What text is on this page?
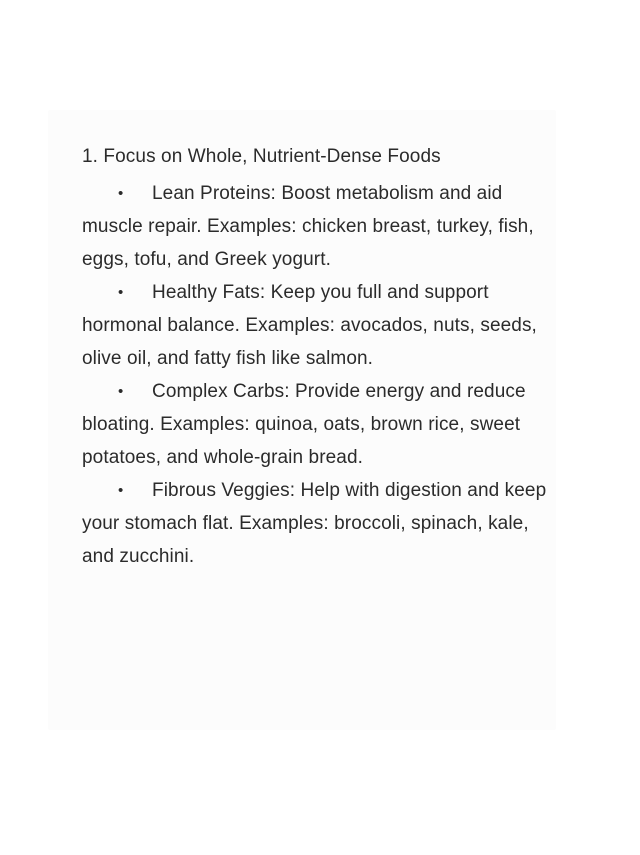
1. Focus on Whole, Nutrient-Dense Foods

• Lean Proteins: Boost metabolism and aid muscle repair. Examples: chicken breast, turkey, fish, eggs, tofu, and Greek yogurt.

• Healthy Fats: Keep you full and support hormonal balance. Examples: avocados, nuts, seeds, olive oil, and fatty fish like salmon.

• Complex Carbs: Provide energy and reduce bloating. Examples: quinoa, oats, brown rice, sweet potatoes, and whole-grain bread.

• Fibrous Veggies: Help with digestion and keep your stomach flat. Examples: broccoli, spinach, kale, and zucchini.
